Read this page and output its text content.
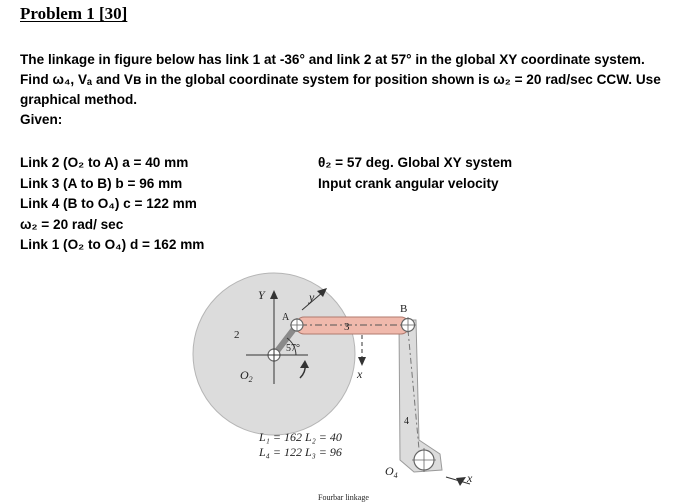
Problem 1 [30]
The linkage in figure below has link 1 at -36° and link 2 at 57° in the global XY coordinate system.
Find ω₄, Vₐ and Vʙ in the global coordinate system for position shown is ω₂ = 20 rad/sec CCW. Use
graphical method.
Given:
Link 2 (O₂ to A) a = 40 mm
Link 3 (A to B) b = 96 mm
Link 4 (B to O₄) c = 122 mm
ω₂ = 20 rad/ sec
Link 1 (O₂ to O₄) d = 162 mm
θ₂ = 57 deg. Global XY system
Input crank angular velocity
Y	y
A
B
2
3
4
57°
x
x
$O_2$
$O_4$
L₁ = 162 L₂ = 40
L₄ = 122 L₃ = 96
Fourbar linkage
